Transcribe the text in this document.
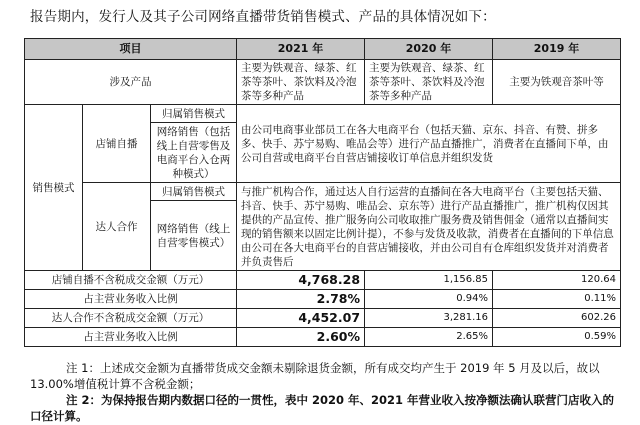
报告期内，发行人及其子公司网络直播带货销售模式、产品的具体情况如下：
项目			2021 年	2020 年	2019 年
涉及产品			主要为铁观音、绿茶、红茶等茶叶、茶饮料及冷泡茶等多种产品	主要为铁观音、绿茶、红茶等茶叶、茶饮料及冷泡茶等多种产品	主要为铁观音茶叶等
销售模式	店铺自播	归属销售模式	由公司电商事业部员工在各大电商平台（包括天猫、京东、抖音、有赞、拼多多、快手、苏宁易购、唯品会等）进行产品直播推广，消费者在直播间下单，由公司自营或电商平台自营店铺接收订单信息并组织发货		
		网络销售（包括线上自营零售及电商平台入仓两种模式）			
	达人合作	归属销售模式	与推广机构合作，通过达人自行运营的直播间在各大电商平台（主要包括天猫、抖音、快手、苏宁易购、唯品会、京东等）进行产品直播推广，推广机构仅因其提供的产品宣传、推广服务向公司收取推广服务费及销售佣金（通常以直播间实现的销售额来以固定比例计提），不参与发货及收款，消费者在直播间的下单信息由公司在各大电商平台的自营店铺接收，并由公司自有仓库组织发货并对消费者并负责售后		
		网络销售（线上自营零售模式）			
店铺自播不含税成交金额（万元）			4,768.28	1,156.85	120.64
占主营业务收入比例			2.78%	0.94%	0.11%
达人合作不含税成交金额（万元）			4,452.07	3,281.16	602.26
占主营业务收入比例			2.60%	2.65%	0.59%

注 1：上述成交金额为直播带货成交金额未剔除退货金额，所有成交均产生于 2019 年 5 月及以后，故以 13.00%增值税计算不含税金额；

注 2：为保持报告期内数据口径的一贯性，表中 2020 年、2021 年营业收入按净额法确认联营门店收入的口径计算。
